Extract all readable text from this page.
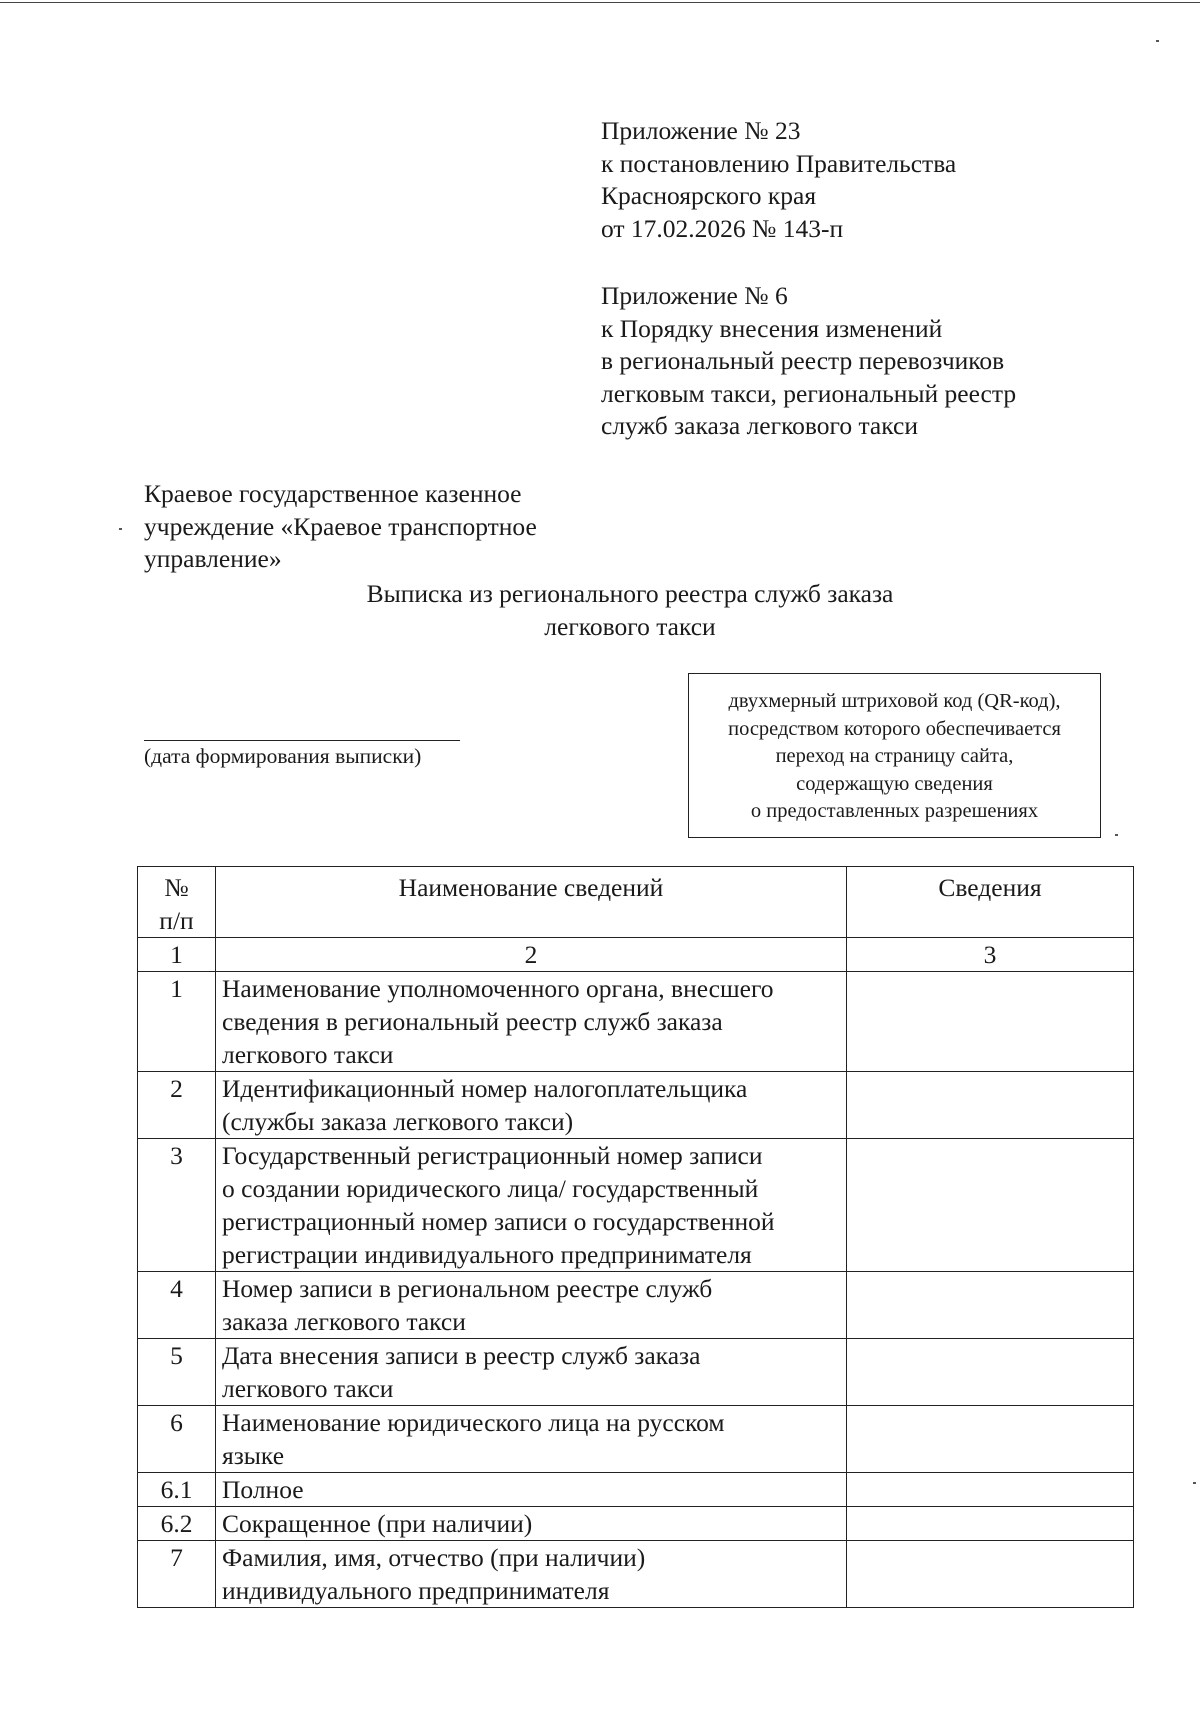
Приложение № 23
к постановлению Правительства
Красноярского края
от 17.02.2026 № 143-п
Приложение № 6
к Порядку внесения изменений
в региональный реестр перевозчиков
легковым такси, региональный реестр
служб заказа легкового такси
Краевое государственное казенное
учреждение «Краевое транспортное
управление»
Выписка из регионального реестра служб заказа
легкового такси
(дата формирования выписки)
двухмерный штриховой код (QR-код),
посредством которого обеспечивается
переход на страницу сайта,
содержащую сведения
о предоставленных разрешениях
№
п/п	Наименование сведений	Сведения
1	2	3
1	Наименование уполномоченного органа, внесшего
сведения в региональный реестр служб заказа
легкового такси	

2	Идентификационный номер налогоплательщика
(службы заказа легкового такси)	

3	Государственный регистрационный номер записи
о создании юридического лица/ государственный
регистрационный номер записи о государственной
регистрации индивидуального предпринимателя	

4	Номер записи в региональном реестре служб
заказа легкового такси	

5	Дата внесения записи в реестр служб заказа
легкового такси	

6	Наименование юридического лица на русском
языке	

6.1	Полное	

6.2	Сокращенное (при наличии)	

7	Фамилия, имя, отчество (при наличии)
индивидуального предпринимателя	
